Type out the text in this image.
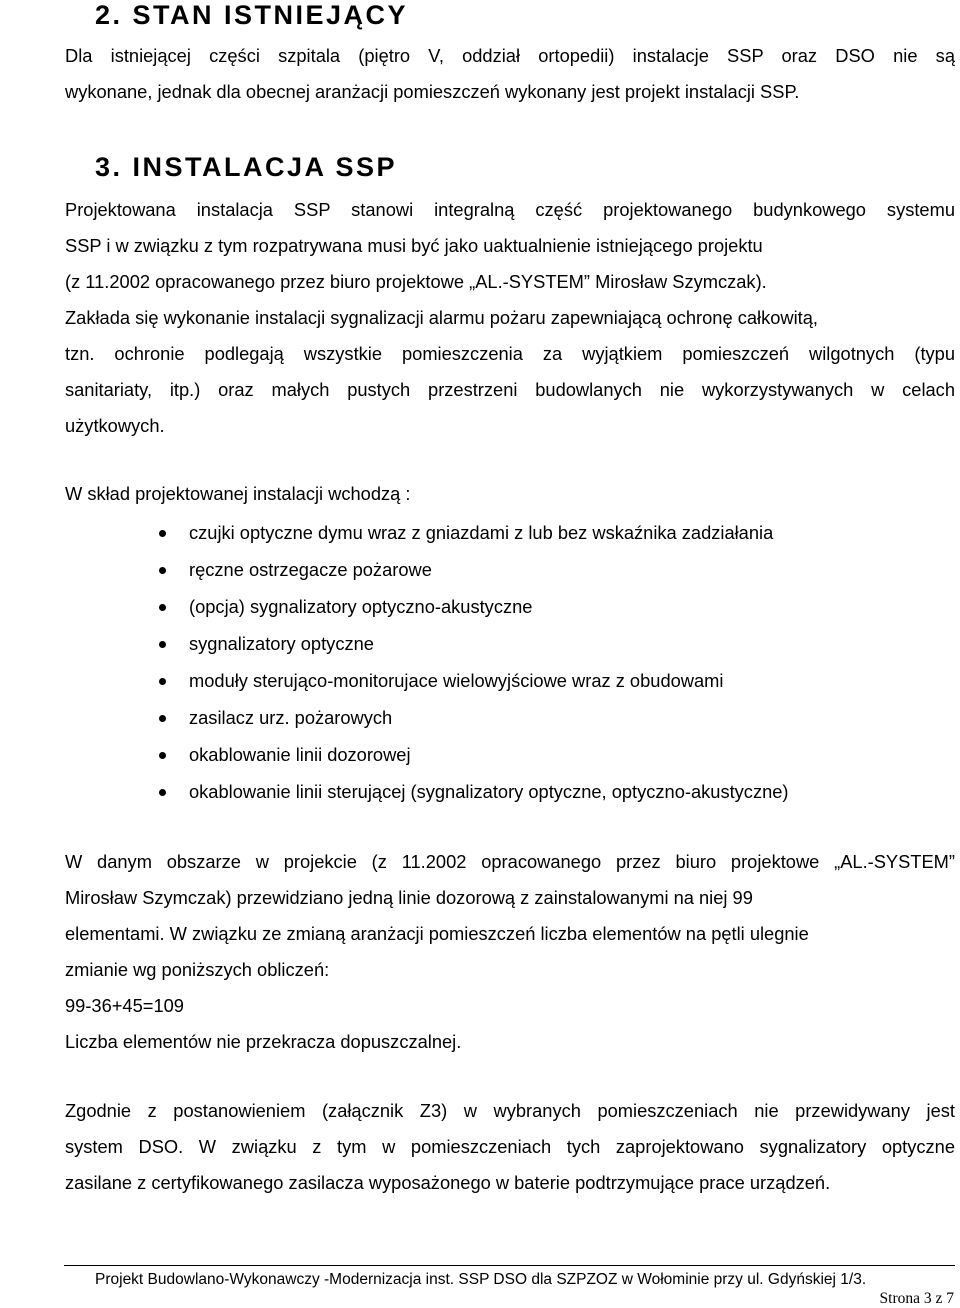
2. STAN ISTNIEJĄCY
Dla istniejącej części szpitala (piętro V, oddział ortopedii) instalacje SSP oraz DSO nie są
wykonane, jednak dla obecnej aranżacji pomieszczeń wykonany jest projekt instalacji SSP.
3. INSTALACJA SSP
Projektowana instalacja SSP stanowi integralną część projektowanego budynkowego systemu
SSP i w związku z tym rozpatrywana musi być jako uaktualnienie istniejącego projektu
(z 11.2002 opracowanego przez biuro projektowe „AL.-SYSTEM” Mirosław Szymczak).
Zakłada się wykonanie instalacji sygnalizacji alarmu pożaru zapewniającą ochronę całkowitą,
tzn. ochronie podlegają wszystkie pomieszczenia za wyjątkiem pomieszczeń wilgotnych (typu
sanitariaty, itp.) oraz małych pustych przestrzeni budowlanych nie wykorzystywanych w celach
użytkowych.
W skład projektowanej instalacji wchodzą :
czujki optyczne dymu wraz z gniazdami z lub bez wskaźnika zadziałania
ręczne ostrzegacze pożarowe
(opcja) sygnalizatory optyczno-akustyczne
sygnalizatory optyczne
moduły sterująco-monitorujace wielowyjściowe wraz z obudowami
zasilacz urz. pożarowych
okablowanie linii dozorowej
okablowanie linii sterującej (sygnalizatory optyczne, optyczno-akustyczne)
W danym obszarze w projekcie (z 11.2002 opracowanego przez biuro projektowe „AL.-SYSTEM”
Mirosław Szymczak) przewidziano jedną linie dozorową z zainstalowanymi na niej 99
elementami. W związku ze zmianą aranżacji pomieszczeń liczba elementów na pętli ulegnie
zmianie wg poniższych obliczeń:
99-36+45=109
Liczba elementów nie przekracza dopuszczalnej.
Zgodnie z postanowieniem (załącznik Z3) w wybranych pomieszczeniach nie przewidywany jest
system DSO. W związku z tym w pomieszczeniach tych zaprojektowano sygnalizatory optyczne
zasilane z certyfikowanego zasilacza wyposażonego w baterie podtrzymujące prace urządzeń.
Projekt Budowlano-Wykonawczy -Modernizacja inst. SSP DSO dla SZPZOZ w Wołominie przy ul. Gdyńskiej 1/3.
Strona 3 z 7
